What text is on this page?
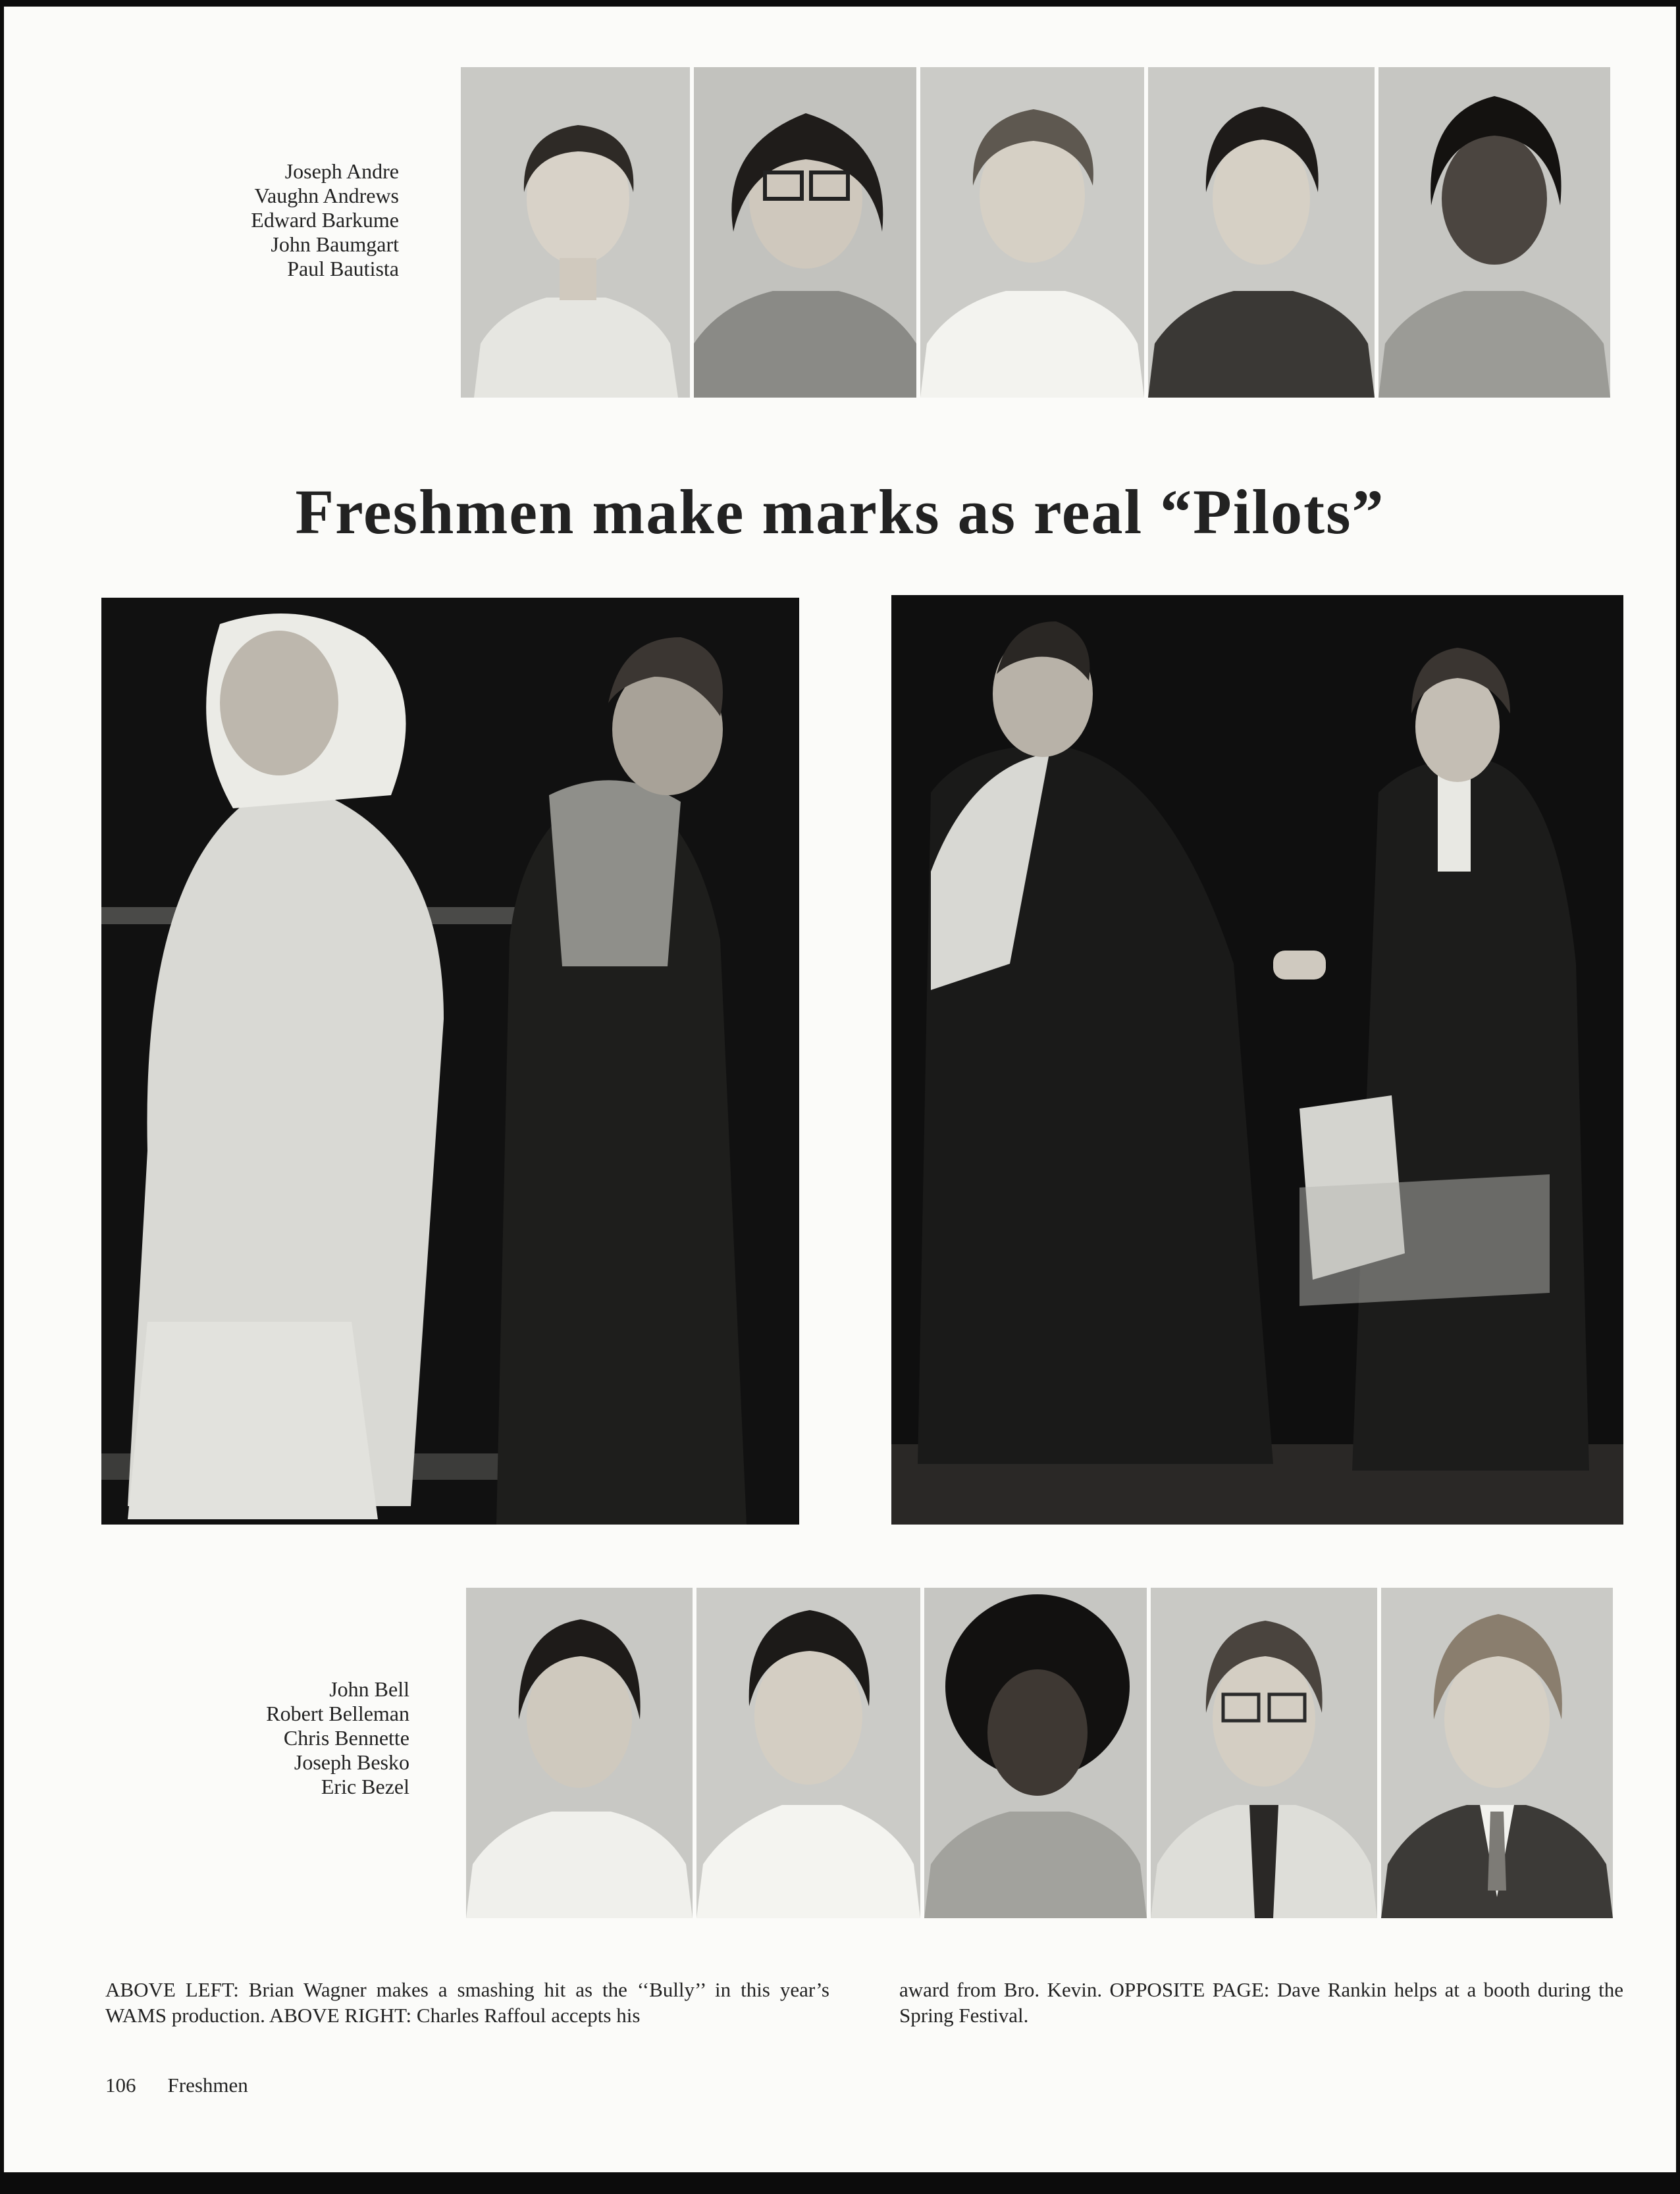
Joseph Andre
Vaughn Andrews
Edward Barkume
John Baumgart
Paul Bautista
Freshmen make marks as real “Pilots”
John Bell
Robert Belleman
Chris Bennette
Joseph Besko
Eric Bezel
ABOVE LEFT: Brian Wagner makes a smashing hit as the ‘‘Bully’’ in this year’s WAMS production. ABOVE RIGHT: Charles Raffoul accepts his
award from Bro. Kevin. OPPOSITE PAGE: Dave Rankin helps at a booth during the Spring Festival.
106 Freshmen
